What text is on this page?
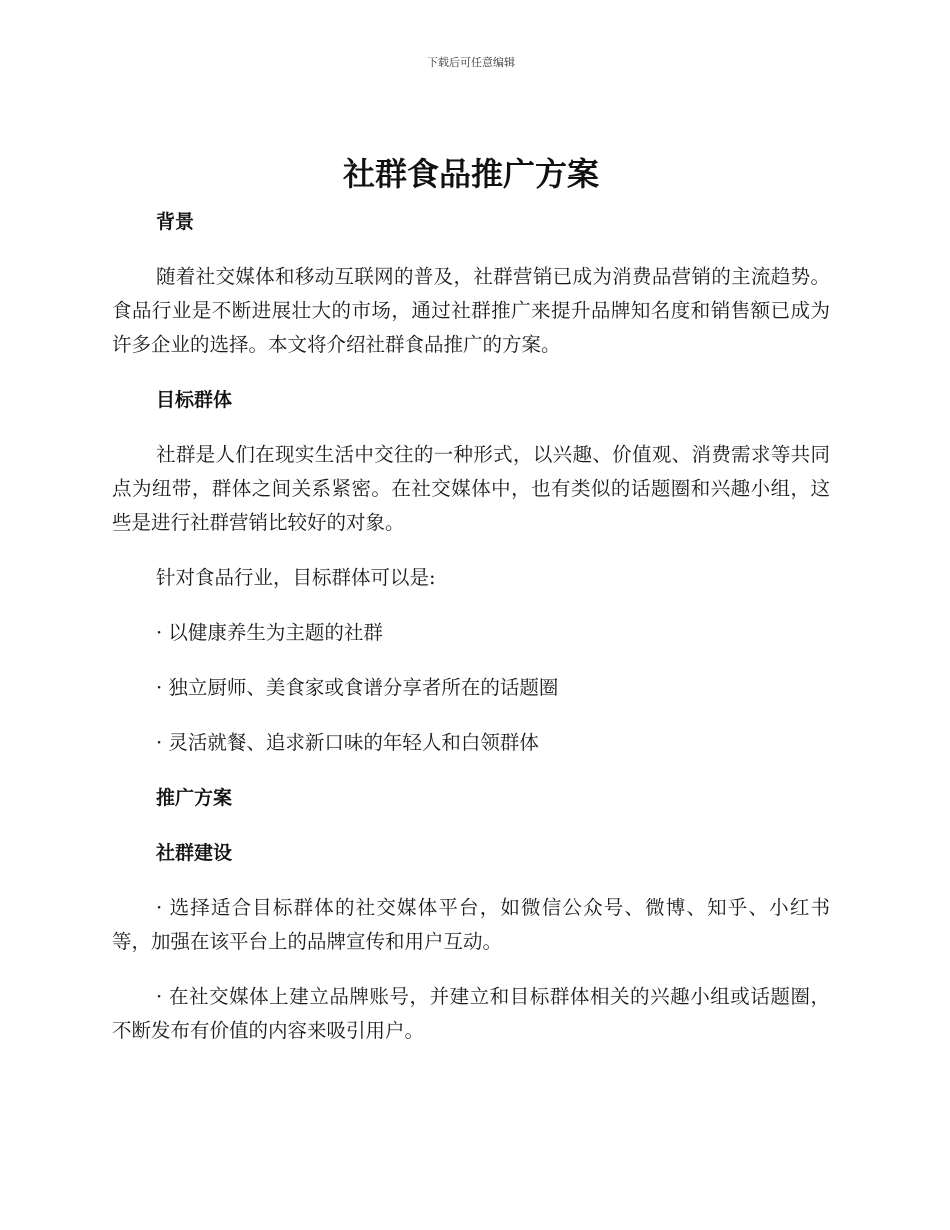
下载后可任意编辑
社群食品推广方案
背景

随着社交媒体和移动互联网的普及，社群营销已成为消费品营销的主流趋势。食品行业是不断进展壮大的市场，通过社群推广来提升品牌知名度和销售额已成为许多企业的选择。本文将介绍社群食品推广的方案。

目标群体

社群是人们在现实生活中交往的一种形式，以兴趣、价值观、消费需求等共同点为纽带，群体之间关系紧密。在社交媒体中，也有类似的话题圈和兴趣小组，这些是进行社群营销比较好的对象。

针对食品行业，目标群体可以是:

· 以健康养生为主题的社群

· 独立厨师、美食家或食谱分享者所在的话题圈

· 灵活就餐、追求新口味的年轻人和白领群体

推广方案
社群建设

· 选择适合目标群体的社交媒体平台，如微信公众号、微博、知乎、小红书等，加强在该平台上的品牌宣传和用户互动。

· 在社交媒体上建立品牌账号，并建立和目标群体相关的兴趣小组或话题圈，不断发布有价值的内容来吸引用户。
